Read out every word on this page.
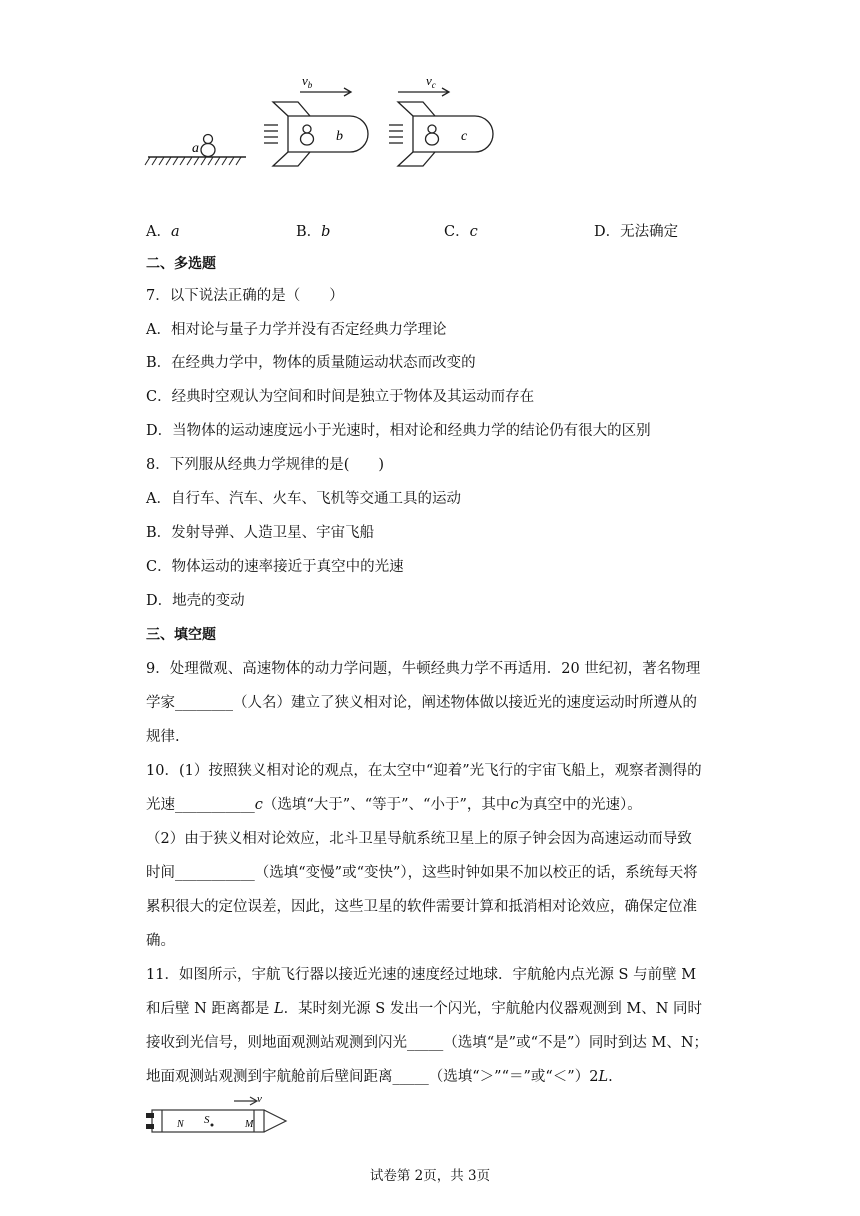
a
b
$v_b$
c
$v_c$
A．a	B．b	C．c	D．无法确定
二、多选题
7．以下说法正确的是（　　）
A．相对论与量子力学并没有否定经典力学理论
B．在经典力学中，物体的质量随运动状态而改变的
C．经典时空观认为空间和时间是独立于物体及其运动而存在
D．当物体的运动速度远小于光速时，相对论和经典力学的结论仍有很大的区别
8．下列服从经典力学规律的是(　　)
A．自行车、汽车、火车、飞机等交通工具的运动
B．发射导弹、人造卫星、宇宙飞船
C．物体运动的速率接近于真空中的光速
D．地壳的变动
三、填空题
9．处理微观、高速物体的动力学问题，牛顿经典力学不再适用．20 世纪初，著名物理
学家________（人名）建立了狭义相对论，阐述物体做以接近光的速度运动时所遵从的
规律.
10．(1）按照狭义相对论的观点，在太空中“迎着”光飞行的宇宙飞船上，观察者测得的
光速___________c（选填“大于”、“等于”、“小于”，其中c为真空中的光速）。
（2）由于狭义相对论效应，北斗卫星导航系统卫星上的原子钟会因为高速运动而导致
时间___________（选填“变慢”或“变快”），这些时钟如果不加以校正的话，系统每天将
累积很大的定位误差，因此，这些卫星的软件需要计算和抵消相对论效应，确保定位准
确。
11．如图所示，宇航飞行器以接近光速的速度经过地球．宇航舱内点光源 S 与前壁 M
和后壁 N 距离都是 L．某时刻光源 S 发出一个闪光，宇航舱内仪器观测到 M、N 同时
接收到光信号，则地面观测站观测到闪光_____（选填“是”或“不是”）同时到达 M、N；
地面观测站观测到宇航舱前后壁间距离_____（选填“＞”“＝”或“＜”）2L.
S
v
N	M
试卷第 2页，共 3页
